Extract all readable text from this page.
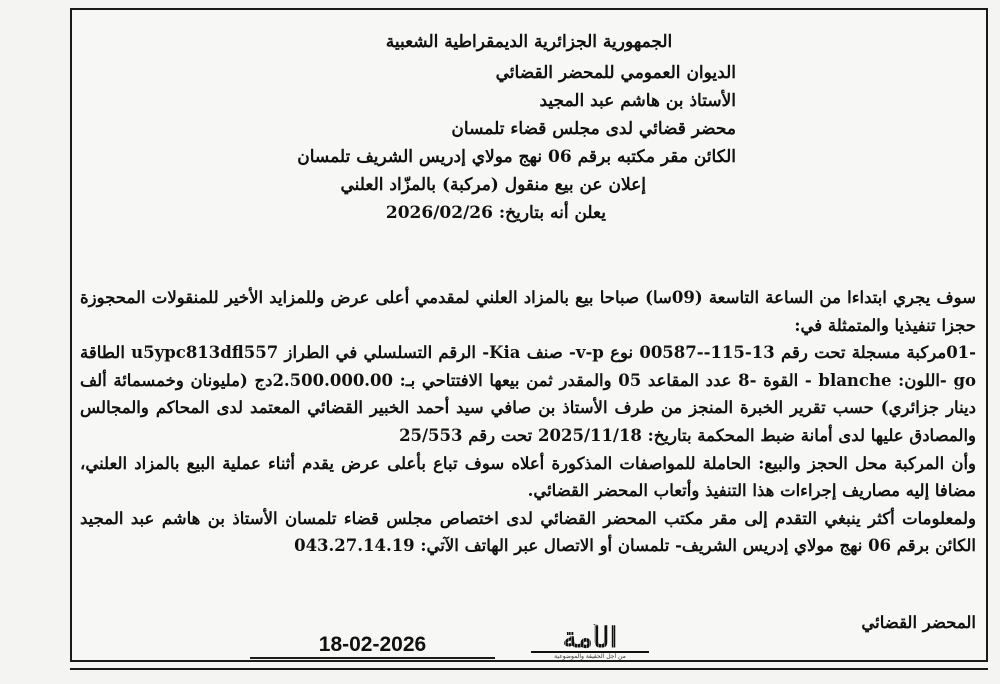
الجمهورية الجزائرية الديمقراطية الشعبية
الديوان العمومي للمحضر القضائي
الأستاذ بن هاشم عبد المجيد
محضر قضائي لدى مجلس قضاء تلمسان
الكائن مقر مكتبه برقم 06 نهج مولاي إدريس الشريف تلمسان
إعلان عن بيع منقول (مركبة) بالمزّاد العلني
يعلن أنه بتاريخ: 2026/02/26

سوف يجري ابتداءا من الساعة التاسعة (09سا) صباحا بيع بالمزاد العلني لمقدمي أعلى عرض وللمزايد الأخير للمنقولات المحجوزة حجزا تنفيذيا والمتمثلة في:

-01مركبة مسجلة تحت رقم 13-115--00587 نوع v-p- صنف Kia- الرقم التسلسلي في الطراز u5ypc813dfl557 الطاقة go -اللون: blanche - القوة -8 عدد المقاعد 05 والمقدر ثمن بيعها الافتتاحي بـ: 2.500.000.00دج (مليونان وخمسمائة ألف دينار جزائري) حسب تقرير الخبرة المنجز من طرف الأستاذ بن صافي سيد أحمد الخبير القضائي المعتمد لدى المحاكم والمجالس والمصادق عليها لدى أمانة ضبط المحكمة بتاريخ: 2025/11/18 تحت رقم 25/553

وأن المركبة محل الحجز والبيع: الحاملة للمواصفات المذكورة أعلاه سوف تباع بأعلى عرض يقدم أثناء عملية البيع بالمزاد العلني، مضافا إليه مصاريف إجراءات هذا التنفيذ وأتعاب المحضر القضائي.

ولمعلومات أكثر ينبغي التقدم إلى مقر مكتب المحضر القضائي لدى اختصاص مجلس قضاء تلمسان الأستاذ بن هاشم عبد المجيد الكائن برقم 06 نهج مولاي إدريس الشريف- تلمسان أو الاتصال عبر الهاتف الآتي: 043.27.14.19

المحضر القضائي
18-02-2026	الأمة
من أجل الحقيقة والموضوعية
